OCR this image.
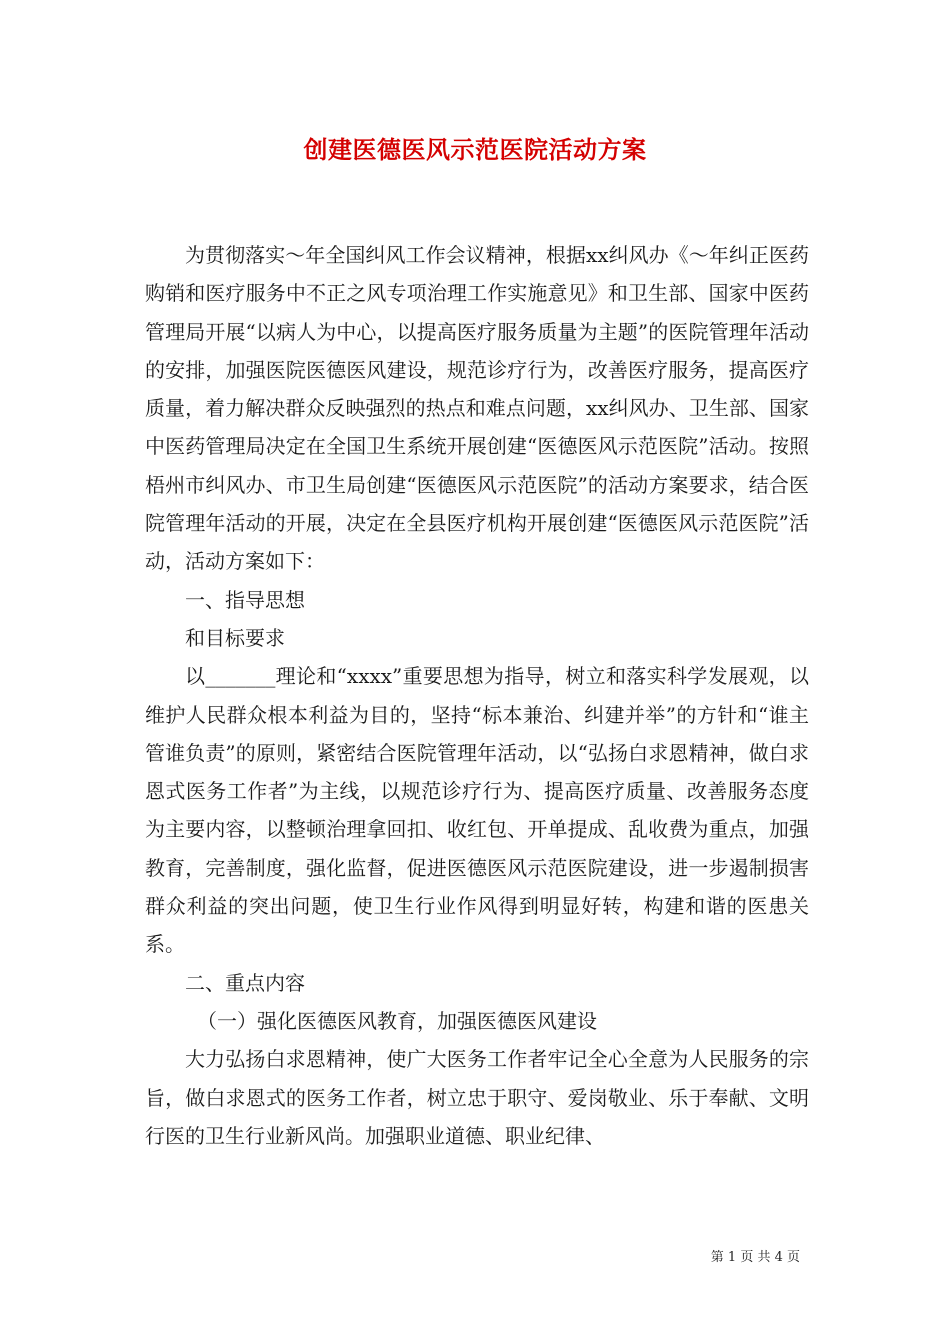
创建医德医风示范医院活动方案

为贯彻落实～年全国纠风工作会议精神，根据xx纠风办《～年纠正医药购销和医疗服务中不正之风专项治理工作实施意见》和卫生部、国家中医药管理局开展“以病人为中心，以提高医疗服务质量为主题”的医院管理年活动的安排，加强医院医德医风建设，规范诊疗行为，改善医疗服务，提高医疗质量，着力解决群众反映强烈的热点和难点问题，xx纠风办、卫生部、国家中医药管理局决定在全国卫生系统开展创建“医德医风示范医院”活动。按照梧州市纠风办、市卫生局创建“医德医风示范医院”的活动方案要求，结合医院管理年活动的开展，决定在全县医疗机构开展创建“医德医风示范医院”活动，活动方案如下：

一、指导思想

和目标要求

以_______理论和“xxxx”重要思想为指导，树立和落实科学发展观，以维护人民群众根本利益为目的，坚持“标本兼治、纠建并举”的方针和“谁主管谁负责”的原则，紧密结合医院管理年活动，以“弘扬白求恩精神，做白求恩式医务工作者”为主线，以规范诊疗行为、提高医疗质量、改善服务态度为主要内容，以整顿治理拿回扣、收红包、开单提成、乱收费为重点，加强教育，完善制度，强化监督，促进医德医风示范医院建设，进一步遏制损害群众利益的突出问题，使卫生行业作风得到明显好转，构建和谐的医患关系。

二、重点内容

（一）强化医德医风教育，加强医德医风建设

大力弘扬白求恩精神，使广大医务工作者牢记全心全意为人民服务的宗旨，做白求恩式的医务工作者，树立忠于职守、爱岗敬业、乐于奉献、文明行医的卫生行业新风尚。加强职业道德、职业纪律、

第 1 页 共 4 页
